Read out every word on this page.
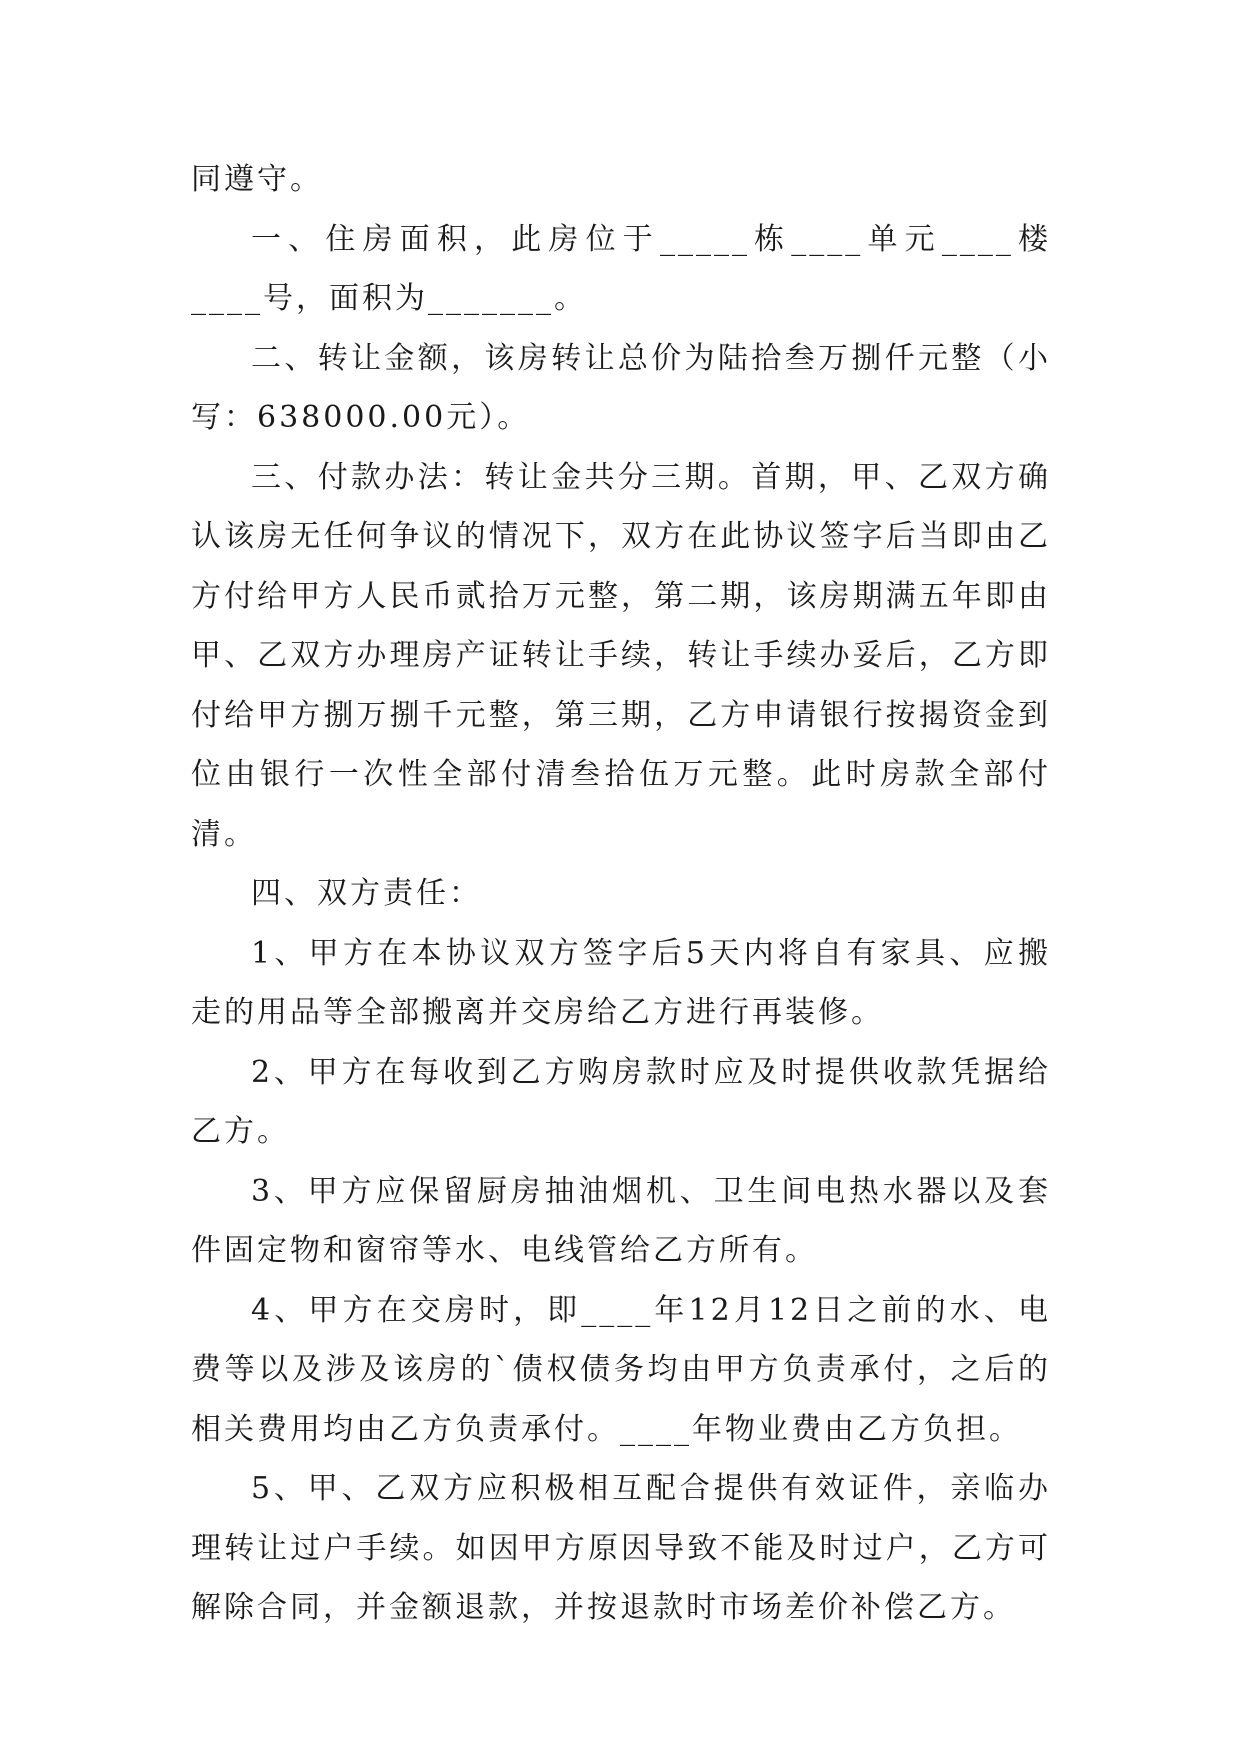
同遵守。

一、住房面积，此房位于_____栋____单元____楼____号，面积为_______。

二、转让金额，该房转让总价为陆拾叁万捌仟元整（小写：638000.00元）。

三、付款办法：转让金共分三期。首期，甲、乙双方确认该房无任何争议的情况下，双方在此协议签字后当即由乙方付给甲方人民币贰拾万元整，第二期，该房期满五年即由甲、乙双方办理房产证转让手续，转让手续办妥后，乙方即付给甲方捌万捌千元整，第三期，乙方申请银行按揭资金到位由银行一次性全部付清叁拾伍万元整。此时房款全部付清。

四、双方责任：

1、甲方在本协议双方签字后5天内将自有家具、应搬走的用品等全部搬离并交房给乙方进行再装修。

2、甲方在每收到乙方购房款时应及时提供收款凭据给乙方。

3、甲方应保留厨房抽油烟机、卫生间电热水器以及套件固定物和窗帘等水、电线管给乙方所有。

4、甲方在交房时，即____年12月12日之前的水、电费等以及涉及该房的`债权债务均由甲方负责承付，之后的相关费用均由乙方负责承付。____年物业费由乙方负担。

5、甲、乙双方应积极相互配合提供有效证件，亲临办理转让过户手续。如因甲方原因导致不能及时过户，乙方可解除合同，并金额退款，并按退款时市场差价补偿乙方。
